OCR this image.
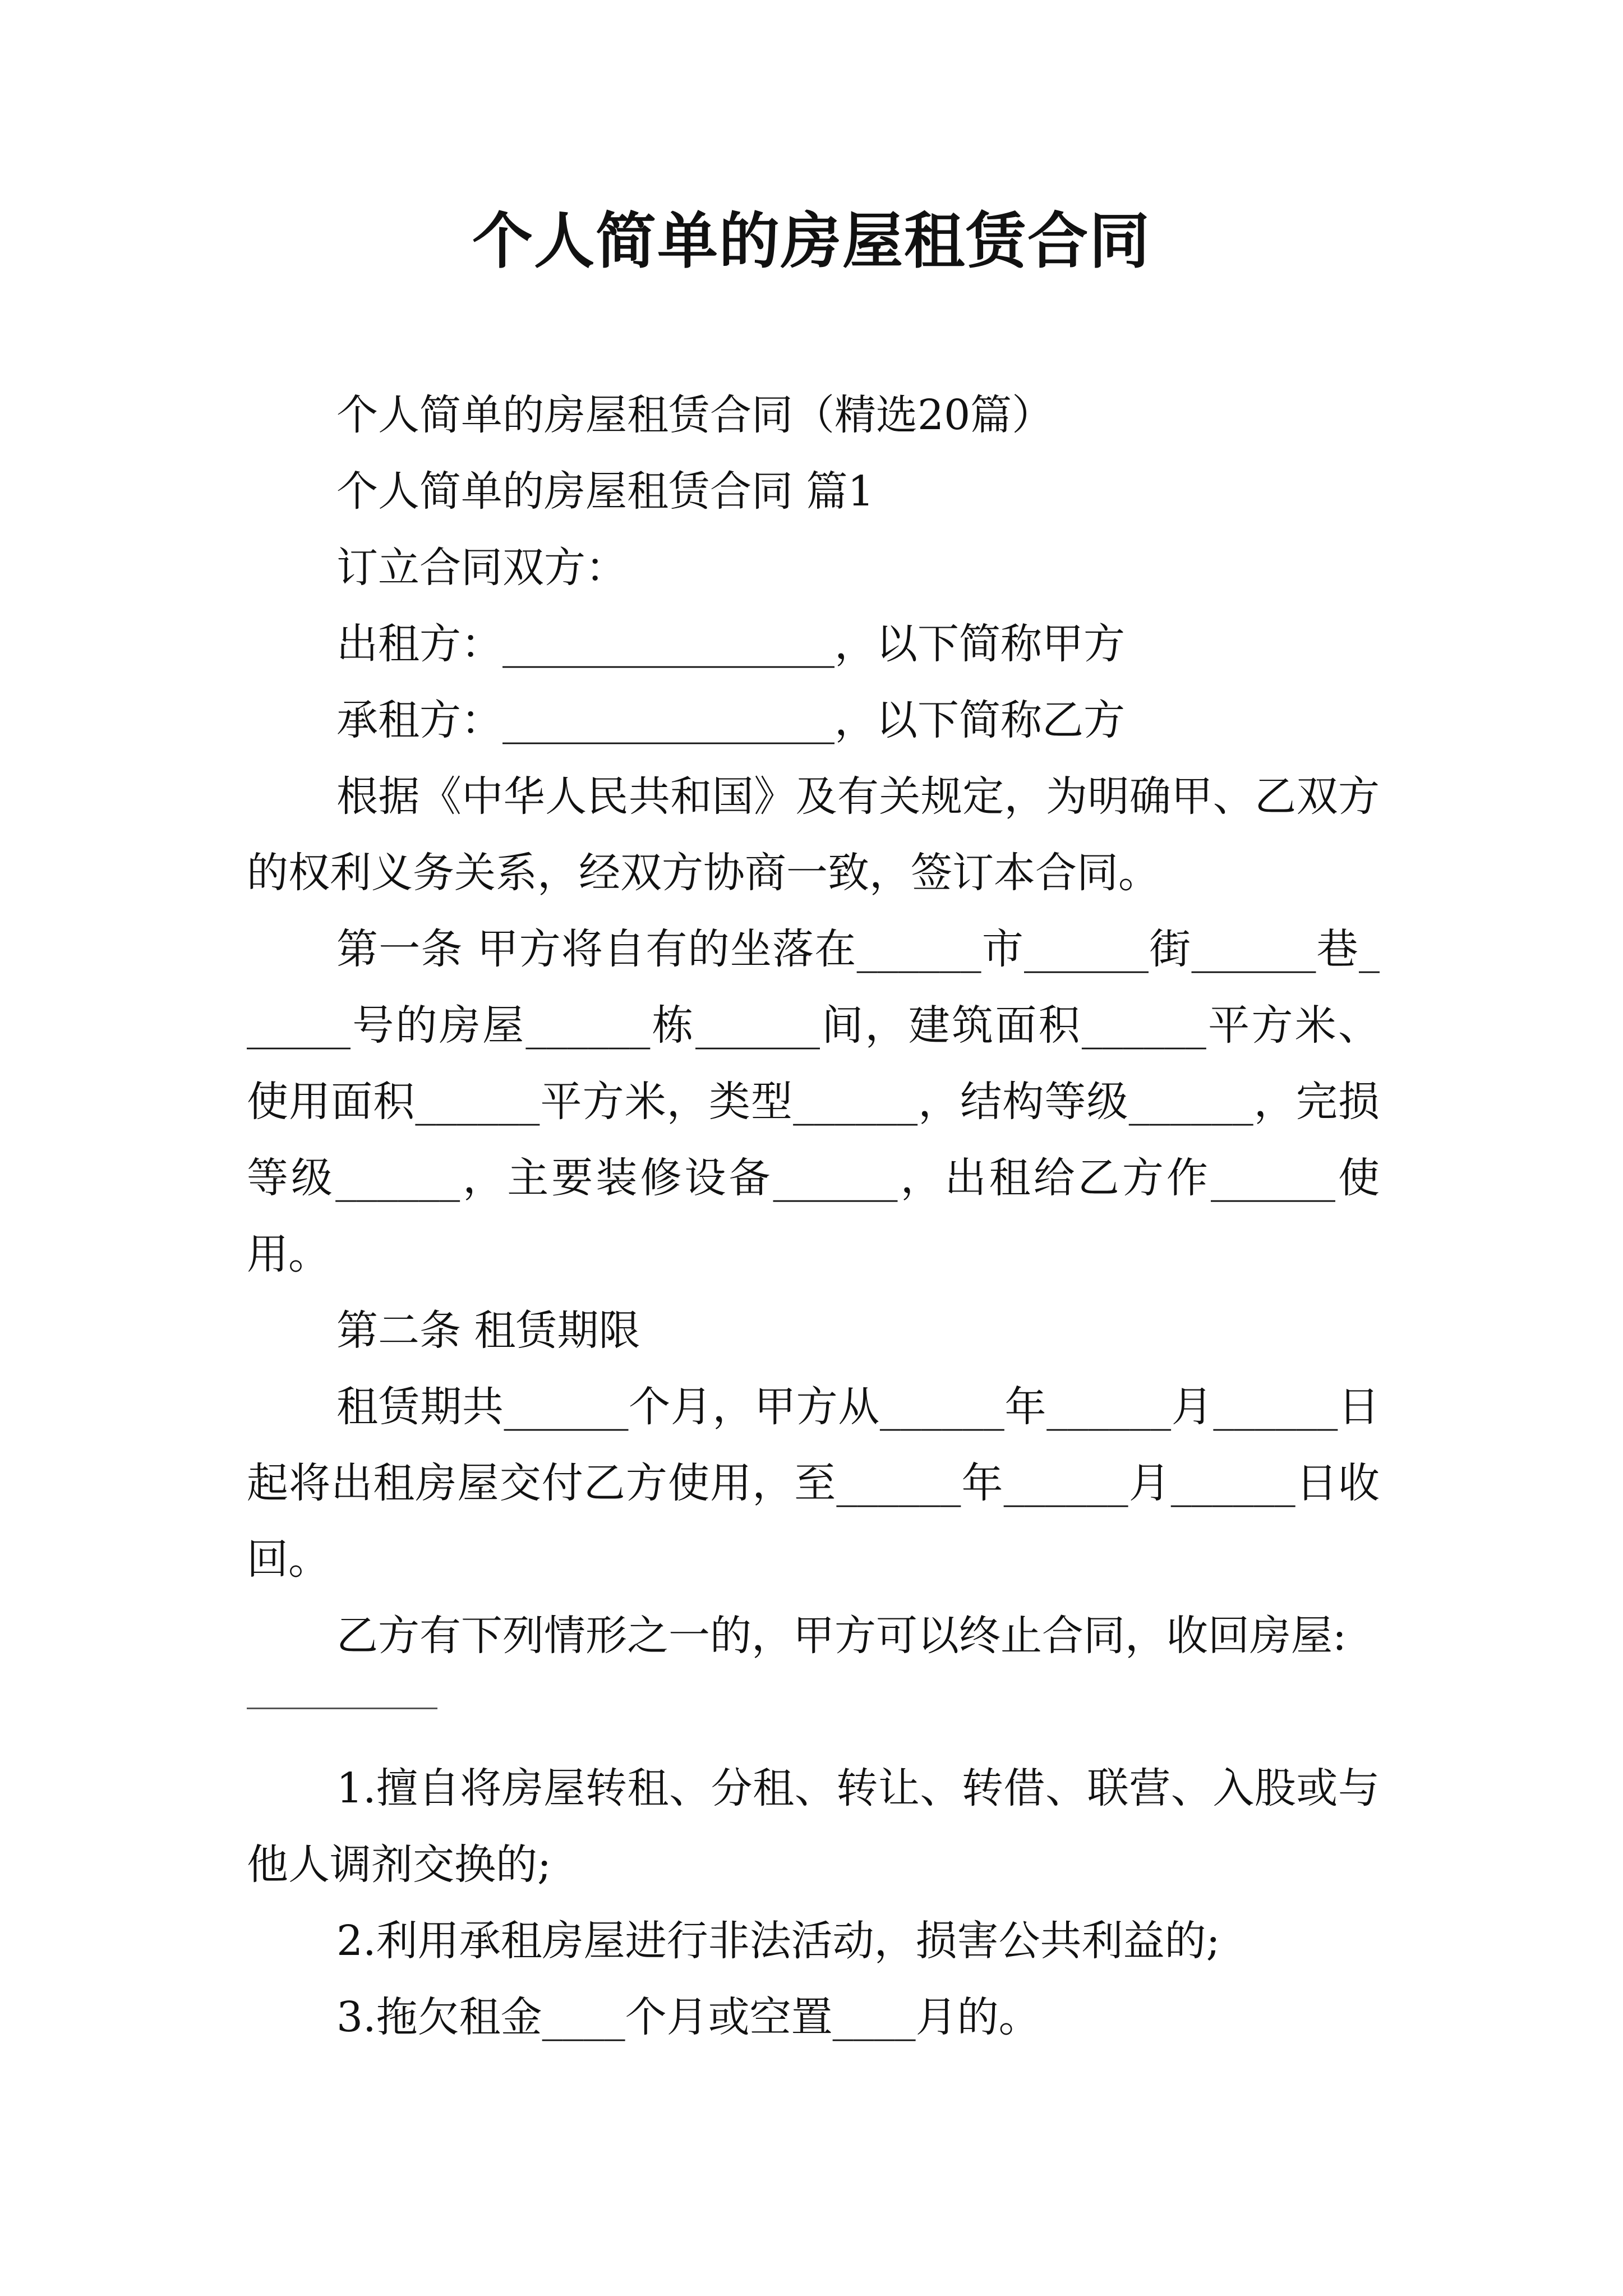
个人简单的房屋租赁合同

个人简单的房屋租赁合同（精选20篇）

个人简单的房屋租赁合同 篇1

订立合同双方：

出租方：________________，以下简称甲方

承租方：________________，以下简称乙方

根据《中华人民共和国》及有关规定，为明确甲、乙双方的权利义务关系，经双方协商一致，签订本合同。

第一条 甲方将自有的坐落在______市______街______巷______号的房屋______栋______间，建筑面积______平方米、使用面积______平方米，类型______，结构等级______，完损等级______，主要装修设备______，出租给乙方作______使用。

第二条 租赁期限

租赁期共______个月，甲方从______年______月______日起将出租房屋交付乙方使用，至______年______月______日收回。

乙方有下列情形之一的，甲方可以终止合同，收回房屋:

1.擅自将房屋转租、分租、转让、转借、联营、入股或与他人调剂交换的;

2.利用承租房屋进行非法活动，损害公共利益的;

3.拖欠租金____个月或空置____月的。
